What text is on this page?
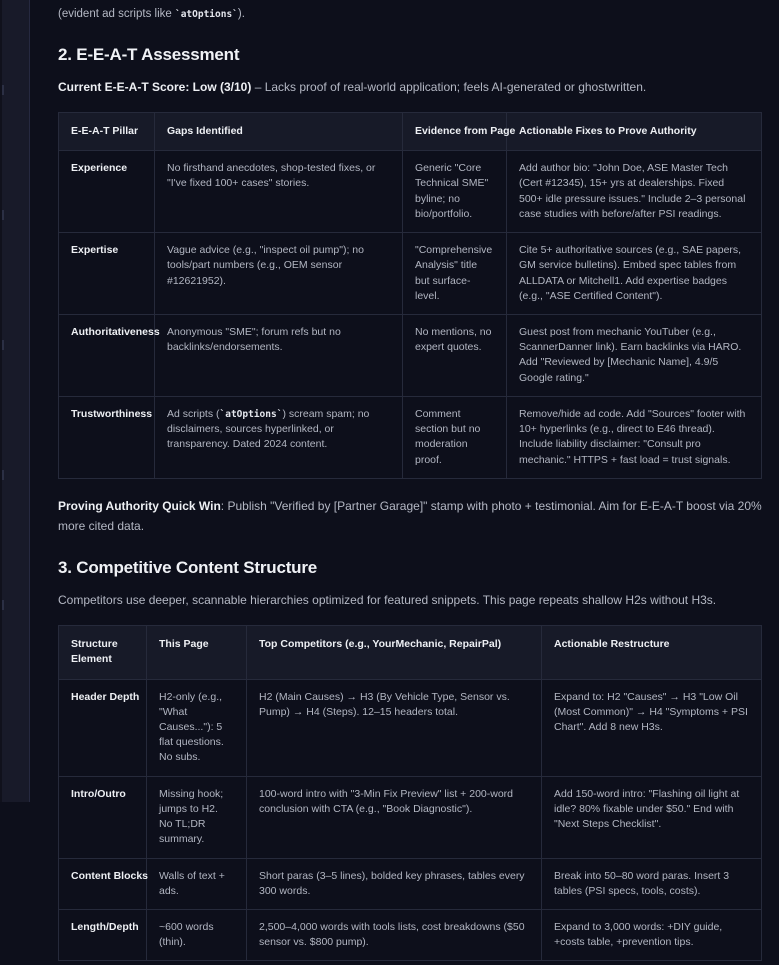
(evident ad scripts like `atOptions`).

2. E-E-A-T Assessment

Current E-E-A-T Score: Low (3/10) – Lacks proof of real-world application; feels AI-generated or ghostwritten.

E-E-A-T Pillar	Gaps Identified	Evidence from Page	Actionable Fixes to Prove Authority
Experience	No firsthand anecdotes, shop-tested fixes, or "I've fixed 100+ cases" stories.	Generic "Core Technical SME" byline; no bio/portfolio.	Add author bio: "John Doe, ASE Master Tech (Cert #12345), 15+ yrs at dealerships. Fixed 500+ idle pressure issues." Include 2–3 personal case studies with before/after PSI readings.
Expertise	Vague advice (e.g., "inspect oil pump"); no tools/part numbers (e.g., OEM sensor #12621952).	"Comprehensive Analysis" title but surface-level.	Cite 5+ authoritative sources (e.g., SAE papers, GM service bulletins). Embed spec tables from ALLDATA or Mitchell1. Add expertise badges (e.g., "ASE Certified Content").
Authoritativeness	Anonymous "SME"; forum refs but no backlinks/endorsements.	No mentions, no expert quotes.	Guest post from mechanic YouTuber (e.g., ScannerDanner link). Earn backlinks via HARO. Add "Reviewed by [Mechanic Name], 4.9/5 Google rating."
Trustworthiness	Ad scripts (`atOptions`) scream spam; no disclaimers, sources hyperlinked, or transparency. Dated 2024 content.	Comment section but no moderation proof.	Remove/hide ad code. Add "Sources" footer with 10+ hyperlinks (e.g., direct to E46 thread). Include liability disclaimer: "Consult pro mechanic." HTTPS + fast load = trust signals.

Proving Authority Quick Win: Publish "Verified by [Partner Garage]" stamp with photo + testimonial. Aim for E-E-A-T boost via 20% more cited data.

3. Competitive Content Structure

Competitors use deeper, scannable hierarchies optimized for featured snippets. This page repeats shallow H2s without H3s.

Structure Element	This Page	Top Competitors (e.g., YourMechanic, RepairPal)	Actionable Restructure
Header Depth	H2-only (e.g., "What Causes..."): 5 flat questions. No subs.	H2 (Main Causes) → H3 (By Vehicle Type, Sensor vs. Pump) → H4 (Steps). 12–15 headers total.	Expand to: H2 "Causes" → H3 "Low Oil (Most Common)" → H4 "Symptoms + PSI Chart". Add 8 new H3s.
Intro/Outro	Missing hook; jumps to H2. No TL;DR summary.	100-word intro with "3-Min Fix Preview" list + 200-word conclusion with CTA (e.g., "Book Diagnostic").	Add 150-word intro: "Flashing oil light at idle? 80% fixable under $50." End with "Next Steps Checklist".
Content Blocks	Walls of text + ads.	Short paras (3–5 lines), bolded key phrases, tables every 300 words.	Break into 50–80 word paras. Insert 3 tables (PSI specs, tools, costs).
Length/Depth	~600 words (thin).	2,500–4,000 words with tools lists, cost breakdowns ($50 sensor vs. $800 pump).	Expand to 3,000 words: +DIY guide, +costs table, +prevention tips.
